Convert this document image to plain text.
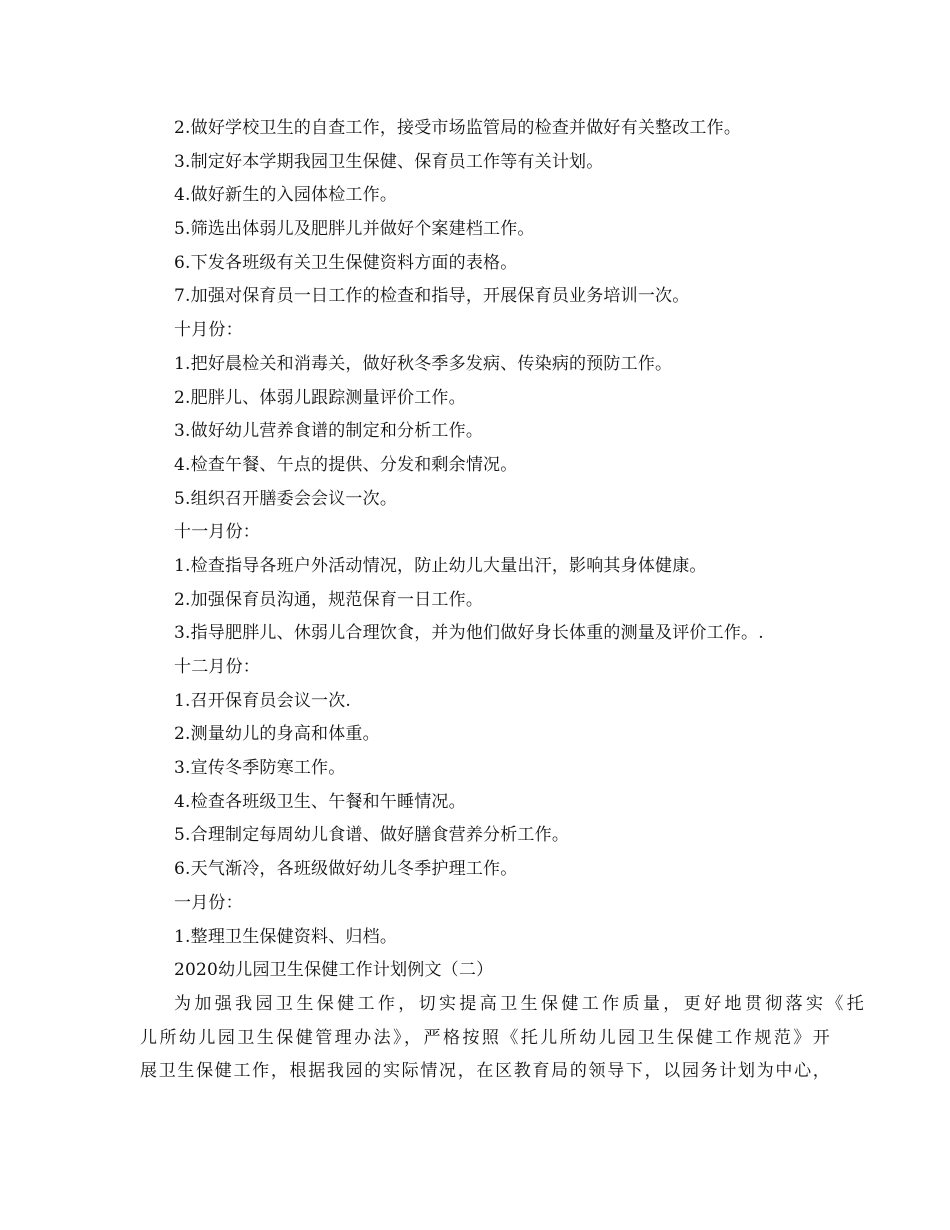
2.做好学校卫生的自查工作，接受市场监管局的检查并做好有关整改工作。
3.制定好本学期我园卫生保健、保育员工作等有关计划。
4.做好新生的入园体检工作。
5.筛选出体弱儿及肥胖儿并做好个案建档工作。
6.下发各班级有关卫生保健资料方面的表格。
7.加强对保育员一日工作的检查和指导，开展保育员业务培训一次。
十月份：
1.把好晨检关和消毒关，做好秋冬季多发病、传染病的预防工作。
2.肥胖儿、体弱儿跟踪测量评价工作。
3.做好幼儿营养食谱的制定和分析工作。
4.检查午餐、午点的提供、分发和剩余情况。
5.组织召开膳委会会议一次。
十一月份：
1.检查指导各班户外活动情况，防止幼儿大量出汗，影响其身体健康。
2.加强保育员沟通，规范保育一日工作。
3.指导肥胖儿、休弱儿合理饮食，并为他们做好身长体重的测量及评价工作。.
十二月份：
1.召开保育员会议一次.
2.测量幼儿的身高和体重。
3.宣传冬季防寒工作。
4.检查各班级卫生、午餐和午睡情况。
5.合理制定每周幼儿食谱、做好膳食营养分析工作。
6.天气渐冷，各班级做好幼儿冬季护理工作。
一月份：
1.整理卫生保健资料、归档。
2020幼儿园卫生保健工作计划例文（二）
为加强我园卫生保健工作，切实提高卫生保健工作质量，更好地贯彻落实《托
儿所幼儿园卫生保健管理办法》，严格按照《托儿所幼儿园卫生保健工作规范》开
展卫生保健工作，根据我园的实际情况，在区教育局的领导下，以园务计划为中心，
